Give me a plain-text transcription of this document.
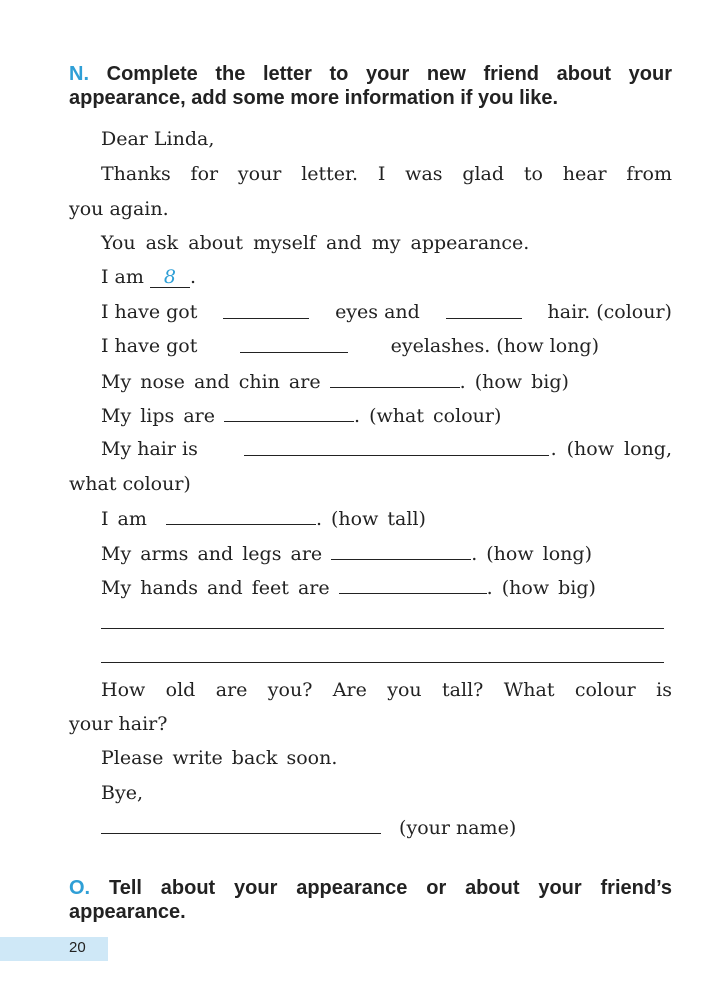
N. Complete the letter to your new friend about your
appearance, add some more information if you like.
Dear Linda,
Thanks for your letter. I was glad to hear from
you again.
You ask about myself and my appearance.
I am 8 .
I have got	eyes and	hair. (colour)
I have got	eyelashes. (how long)
My nose and chin are	. (how big)
My lips are	. (what colour)
My hair is	. (how long,
what colour)
I am	. (how tall)
My arms and legs are	. (how long)
My hands and feet are	. (how big)
How old are you? Are you tall? What colour is
your hair?
Please write back soon.
Bye,
(your name)
O. Tell about your appearance or about your friend’s
appearance.
20
